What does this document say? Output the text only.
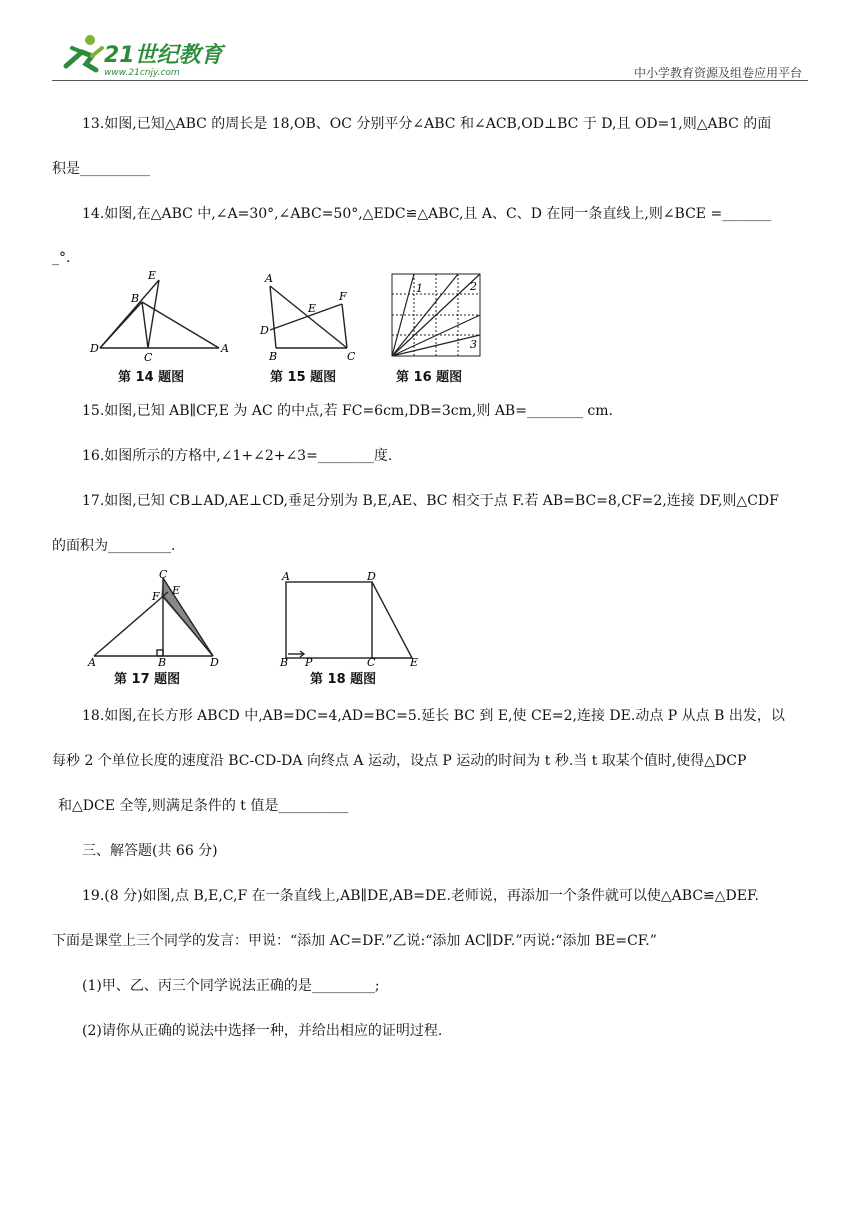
21世纪教育
www.21cnjy.com	中小学教育资源及组卷应用平台
13.如图,已知△ABC 的周长是 18,OB、OC 分别平分∠ABC 和∠ACB,OD⊥BC 于 D,且 OD=1,则△ABC 的面
积是__________
14.如图,在△ABC 中,∠A=30°,∠ABC=50°,△EDC≌△ABC,且 A、C、D 在同一条直线上,则∠BCE =_______
_°.
E
B
D
C
A
第 14 题图
A
E
F
D
B	C
第 15 题图
1	2
3
第 16 题图
15.如图,已知 AB∥CF,E 为 AC 的中点,若 FC=6cm,DB=3cm,则 AB=________ cm.
16.如图所示的方格中,∠1+∠2+∠3=________度.
17.如图,已知 CB⊥AD,AE⊥CD,垂足分别为 B,E,AE、BC 相交于点 F.若 AB=BC=8,CF=2,连接 DF,则△CDF
的面积为_________.
C
E
F
A	B	D
第 17 题图
A	D
B P	C	E
第 18 题图
18.如图,在长方形 ABCD 中,AB=DC=4,AD=BC=5.延长 BC 到 E,使 CE=2,连接 DE.动点 P 从点 B 出发，以
每秒 2 个单位长度的速度沿 BC-CD-DA 向终点 A 运动，设点 P 运动的时间为 t 秒.当 t 取某个值时,使得△DCP
和△DCE 全等,则满足条件的 t 值是__________
三、解答题(共 66 分)
19.(8 分)如图,点 B,E,C,F 在一条直线上,AB∥DE,AB=DE.老师说，再添加一个条件就可以使△ABC≌△DEF.
下面是课堂上三个同学的发言：甲说：“添加 AC=DF.”乙说:“添加 AC∥DF.”丙说:“添加 BE=CF.”
(1)甲、乙、丙三个同学说法正确的是_________;
(2)请你从正确的说法中选择一种，并给出相应的证明过程.
